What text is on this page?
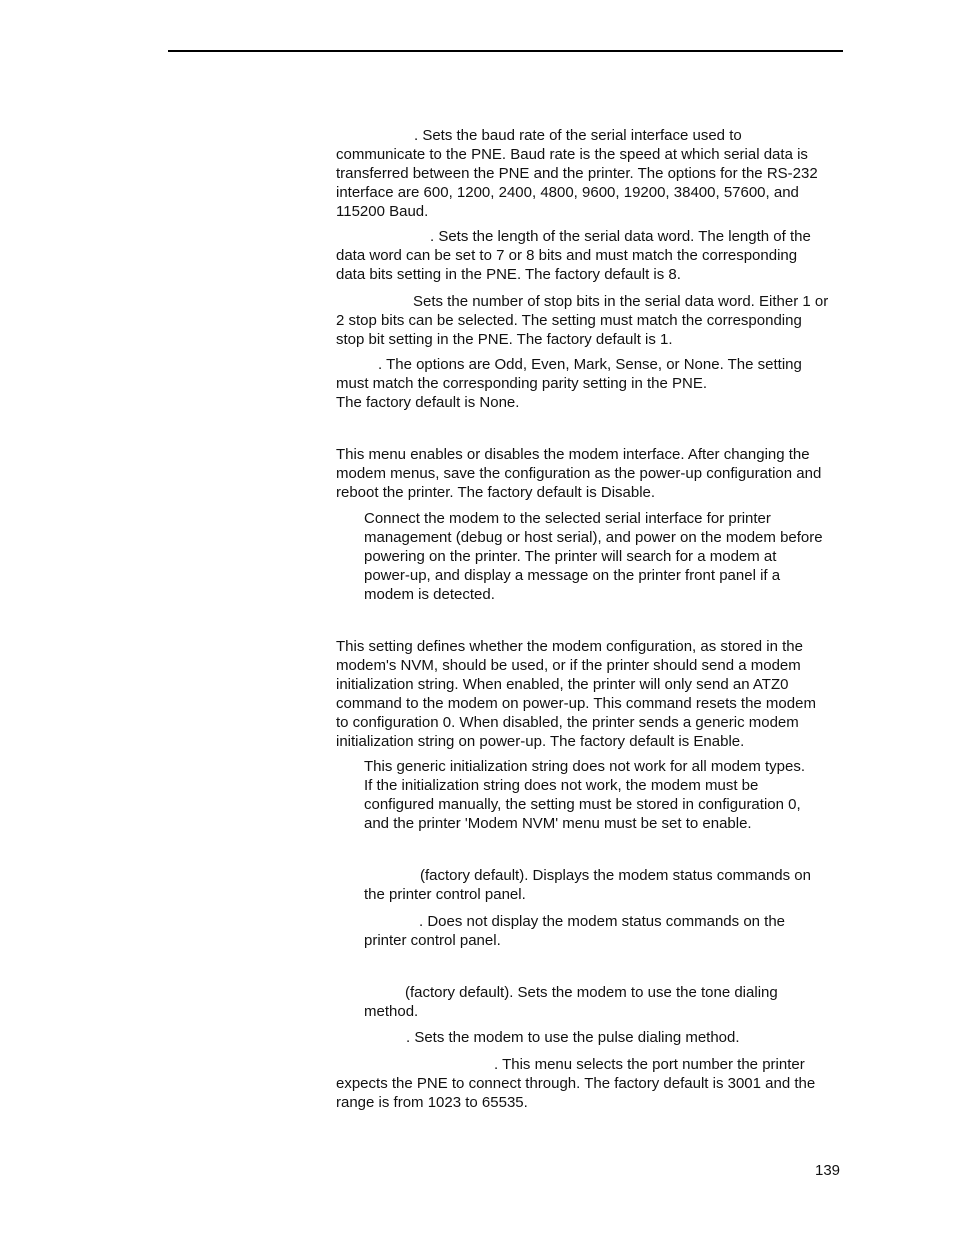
. Sets the baud rate of the serial interface used to
communicate to the PNE. Baud rate is the speed at which serial data is
transferred between the PNE and the printer. The options for the RS-232
interface are 600, 1200, 2400, 4800, 9600, 19200, 38400, 57600, and
115200 Baud.
. Sets the length of the serial data word. The length of the
data word can be set to 7 or 8 bits and must match the corresponding
data bits setting in the PNE. The factory default is 8.
Sets the number of stop bits in the serial data word. Either 1 or
2 stop bits can be selected. The setting must match the corresponding
stop bit setting in the PNE. The factory default is 1.
. The options are Odd, Even, Mark, Sense, or None. The setting
must match the corresponding parity setting in the PNE.
The factory default is None.
This menu enables or disables the modem interface. After changing the
modem menus, save the configuration as the power-up configuration and
reboot the printer. The factory default is Disable.
Connect the modem to the selected serial interface for printer
management (debug or host serial), and power on the modem before
powering on the printer. The printer will search for a modem at
power-up, and display a message on the printer front panel if a
modem is detected.
This setting defines whether the modem configuration, as stored in the
modem's NVM, should be used, or if the printer should send a modem
initialization string. When enabled, the printer will only send an ATZ0
command to the modem on power-up. This command resets the modem
to configuration 0. When disabled, the printer sends a generic modem
initialization string on power-up. The factory default is Enable.
This generic initialization string does not work for all modem types.
If the initialization string does not work, the modem must be
configured manually, the setting must be stored in configuration 0,
and the printer 'Modem NVM' menu must be set to enable.
(factory default). Displays the modem status commands on
the printer control panel.
. Does not display the modem status commands on the
printer control panel.
(factory default). Sets the modem to use the tone dialing
method.
. Sets the modem to use the pulse dialing method.
. This menu selects the port number the printer
expects the PNE to connect through. The factory default is 3001 and the
range is from 1023 to 65535.
139
